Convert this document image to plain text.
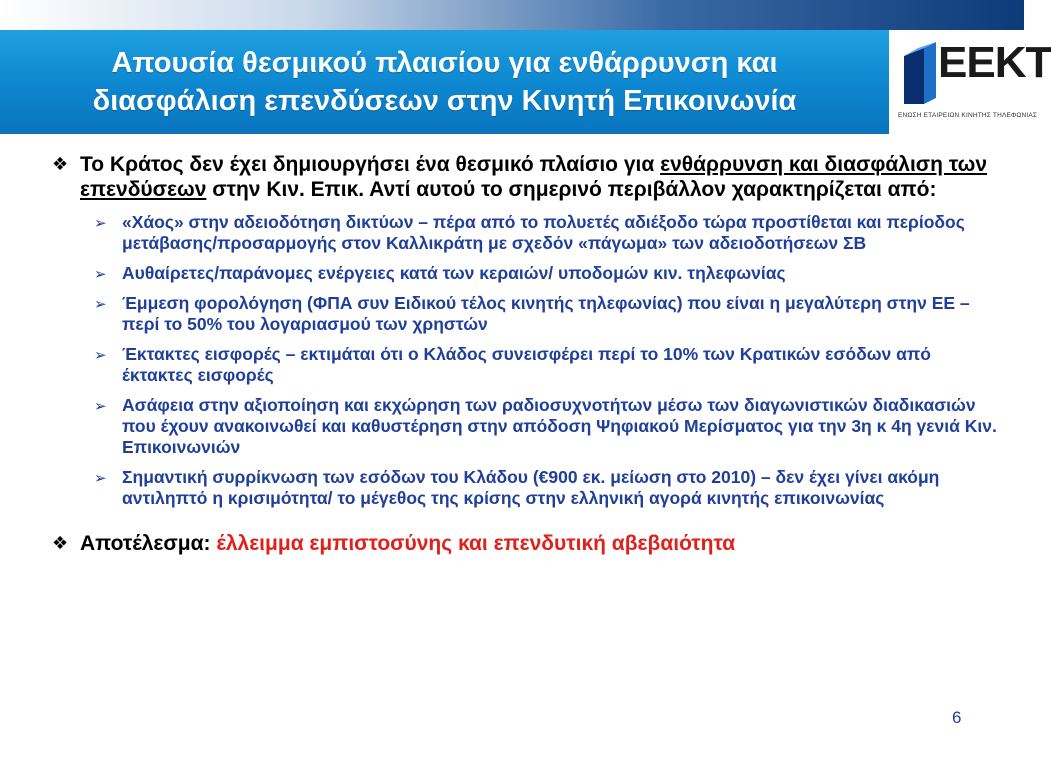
Απουσία θεσμικού πλαισίου για ενθάρρυνση και
διασφάλιση επενδύσεων στην Κινητή Επικοινωνία
ΕΕΚΤ
ΕΝΩΣΗ ΕΤΑΙΡΕΙΩΝ ΚΙΝΗΤΗΣ ΤΗΛΕΦΩΝΙΑΣ
❖ Το Κράτος δεν έχει δημιουργήσει ένα θεσμικό πλαίσιο για ενθάρρυνση και διασφάλιση των επενδύσεων στην Κιν. Επικ. Αντί αυτού το σημερινό περιβάλλον χαρακτηρίζεται από:
➢ «Χάος» στην αδειοδότηση δικτύων – πέρα από το πολυετές αδιέξοδο τώρα προστίθεται και περίοδος μετάβασης/προσαρμογής στον Καλλικράτη με σχεδόν «πάγωμα» των αδειοδοτήσεων ΣΒ
➢ Αυθαίρετες/παράνομες ενέργειες κατά των κεραιών/ υποδομών κιν. τηλεφωνίας
➢ Έμμεση φορολόγηση (ΦΠΑ συν Ειδικού τέλος κινητής τηλεφωνίας) που είναι η μεγαλύτερη στην ΕΕ – περί το 50% του λογαριασμού των χρηστών
➢ Έκτακτες εισφορές – εκτιμάται ότι ο Κλάδος συνεισφέρει περί το 10% των Κρατικών εσόδων από έκτακτες εισφορές
➢ Ασάφεια στην αξιοποίηση και εκχώρηση των ραδιοσυχνοτήτων μέσω των διαγωνιστικών διαδικασιών που έχουν ανακοινωθεί και καθυστέρηση στην απόδοση Ψηφιακού Μερίσματος για την 3η κ 4η γενιά Κιν. Επικοινωνιών
➢ Σημαντική συρρίκνωση των εσόδων του Κλάδου (€900 εκ. μείωση στο 2010) – δεν έχει γίνει ακόμη αντιληπτό η κρισιμότητα/ το μέγεθος της κρίσης στην ελληνική αγορά κινητής επικοινωνίας
❖ Αποτέλεσμα: έλλειμμα εμπιστοσύνης και επενδυτική αβεβαιότητα
6
